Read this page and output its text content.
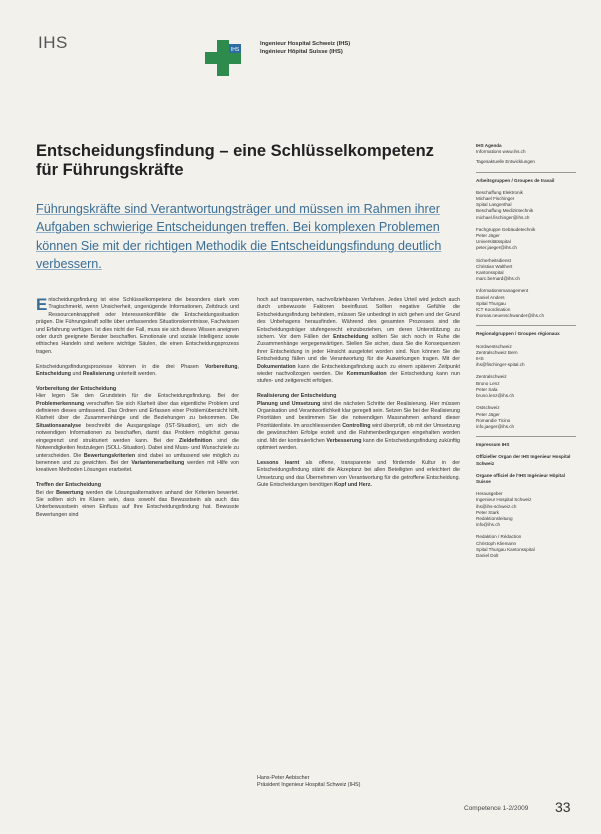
IHS	IHS
Ingenieur Hospital Schweiz (IHS)
Ingénieur Hôpital Suisse (IHS)
Entscheidungsfindung – eine Schlüsselkompetenz für Führungskräfte
Führungskräfte sind Verantwortungsträger und müssen im Rahmen ihrer Aufgaben schwierige Entscheidungen treffen. Bei komplexen Problemen können Sie mit der richtigen Methodik die Entscheidungsfindung deutlich verbessern.

Entscheidungsfindung ist eine Schlüsselkompetenz die besonders stark vom Tragischmerkt, wenn Unsicherheit, ungenügende Informationen, Zeitdruck und Ressourcenknappheit oder Interessenkonflikte die Entscheidungssituation prägen. Die Führungskraft sollte über umfassendes Situationskenntnisse, Fachwissen und Erfahrung verfügen. Ist dies nicht der Fall, muss sie sich dieses Wissen aneignen oder durch geeignete Berater beschaffen. Emotionale und soziale Intelligenz sowie ethisches Handeln sind weitere wichtige Säulen, die einen Entscheidungsprozess tragen.

Entscheidungsfindungsprozesse können in die drei Phasen Vorbereitung, Entscheidung und Realisierung unterteilt werden.

Vorbereitung der Entscheidung

Hier legen Sie den Grundstein für die Entscheidungsfindung. Bei der Problemerkennung verschaffen Sie sich Klarheit über das eigentliche Problem und definieren dieses umfassend. Das Ordnen und Erfassen einer Problemübersicht hilft, Klarheit über die Zusammenhänge und die Beziehungen zu bekommen. Die Situationsanalyse beschreibt die Ausgangslage (IST-Situation), um sich die notwendigen Informationen zu beschaffen, damit das Problem möglichst genau eingegrenzt und strukturiert werden kann. Bei der Zieldefinition sind die Notwendigkeiten festzulegen (SOLL-Situation). Dabei sind Muss- und Wunschziele zu unterscheiden. Die Bewertungskriterien sind dabei so umfassend wie möglich zu benennen und zu gewichten. Bei der Variantenerarbeitung werden mit Hilfe von kreativen Methoden Lösungen erarbeitet.

Treffen der Entscheidung

Bei der Bewertung werden die Lösungsalternativen anhand der Kriterien bewertet. Sie sollten sich im Klaren sein, dass sowohl das Bewusstsein als auch das Unterbewusstsein einen Einfluss auf Ihre Entscheidungsfindung hat. Bewusste Bewertungen sind

hoch auf transparenten, nachvollziehbaren Verfahren. Jedes Urteil wird jedoch auch durch unbewusste Faktoren beeinflusst. Sollten negative Gefühle die Entscheidungsfindung behindern, müssen Sie unbedingt in sich gehen und der Grund des Unbehagens herausfinden. Während des gesamten Prozesses sind die Entscheidungsträger stufengerecht einzubeziehen, um deren Unterstützung zu sichern. Vor dem Fällen der Entscheidung sollten Sie sich noch in Ruhe die Zusammenhänge vergegenwärtigen. Stellen Sie sicher, dass Sie die Konsequenzen ihrer Entscheidung in jeder Hinsicht ausgelotet worden sind. Nun können Sie die Entscheidung fällen und die Verantwortung für die Auswirkungen tragen. Mit der Dokumentation kann die Entscheidungsfindung auch zu einem späteren Zeitpunkt wieder nachvollzogen werden. Die Kommunikation der Entscheidung kann nun stufen- und zeitgerecht erfolgen.

Realisierung der Entscheidung

Planung und Umsetzung sind die nächsten Schritte der Realisierung. Hier müssen Organisation und Verantwortlichkeit klar geregelt sein. Setzen Sie bei der Realisierung Prioritäten und bestimmen Sie die notwendigen Massnahmen anhand dieser Prioritätenliste. Im anschliessenden Controlling wird überprüft, ob mit der Umsetzung die gewünschten Erfolge erzielt und die Rahmenbedingungen eingehalten worden sind. Mit der kontinuierlichen Verbesserung kann die Entscheidungsfindung zukünftig optimiert werden.

Lessons learnt als offene, transparente und fördernde Kultur in der Entscheidungsfindung stärkt die Akzeptanz bei allen Beteiligten und erleichtert die Umsetzung und das Übernehmen von Verantwortung für die getroffene Entscheidung. Gute Entscheidungen benötigen Kopf und Herz.

Hans-Peter Aebischer
Präsident Ingenieur Hospital Schweiz (IHS)
IHS Agenda
Informations www.ihs.ch
Tagesaktuelle Entwicklungen
Arbeitsgruppen / Groupes de travail
Beschaffung Elektronik
Michael Fischinger
Spital Langenthal
Beschaffung Medizintechnik
michael.fischinger@ihs.ch
Fachgruppe Gebäudetechnik
Peter Jäger
Universitätsspital
peter.jaeger@ihs.ch
Sicherheitsdienst
Christian Walthert
Kantonsspital
marc.bernard@ihs.ch
Informationsmanagement
Daniel Anders
Spital Thurgau
ICT Koordination
thomas.neuenschwander@ihs.ch
Regionalgruppen / Groupes régionaux
Nordwestschweiz
Zentralschweiz Bern
IHS
ihs@fischinger-spital.ch
Zentralschweiz
Bruno Lenz
Peter Sala
bruno.lenz@ihs.ch
Ostschweiz
Peter Jäger
Romandie Ticino
info.jaeger@ihs.ch
Impressum IHS
Offizieller Organ der IHS Ingenieur Hospital Schweiz
Organe officiel de l'IHS Ingénieur Hôpital Suisse
Herausgeber
Ingenieur Hospital Schweiz
ihs@ihs-schweiz.ch
Peter Stark
Redaktionsleitung
info@ihs.ch
Redaktion / Rédaction
Christoph Kliemann
Spital Thurgau Kantonsspital
Daniel Dolt
Competence 1-2/2009 33
